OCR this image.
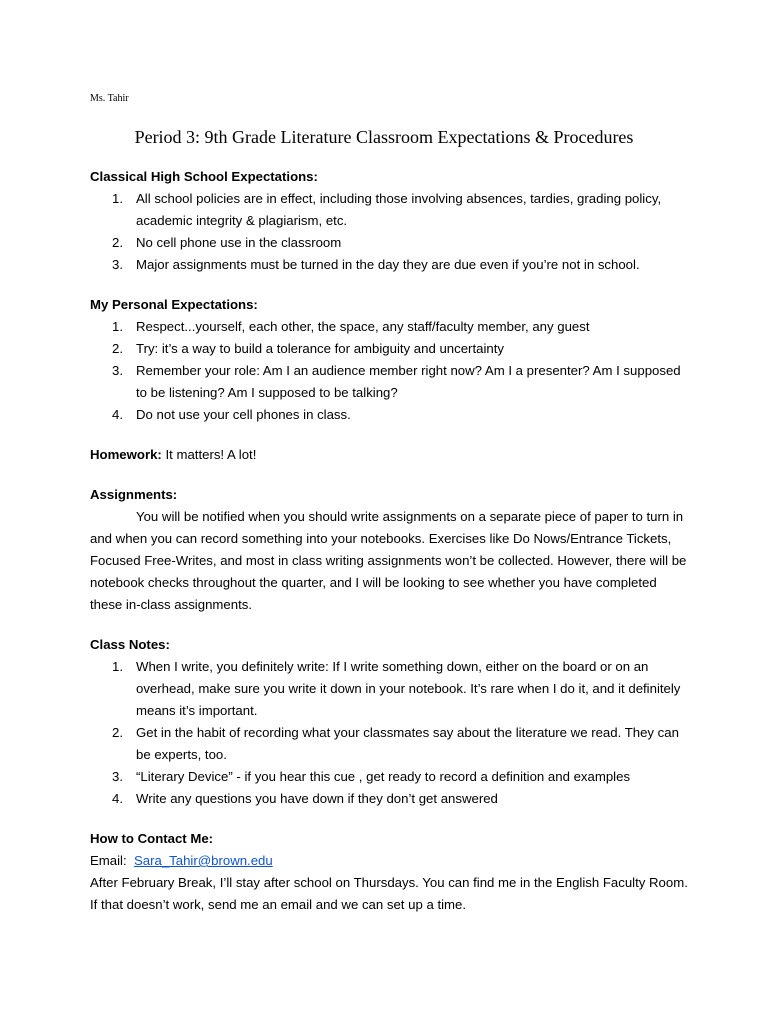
Ms. Tahir
Period 3: 9th Grade Literature Classroom Expectations & Procedures

Classical High School Expectations:

1. All school policies are in effect, including those involving absences, tardies, grading policy, academic integrity & plagiarism, etc.
2. No cell phone use in the classroom
3. Major assignments must be turned in the day they are due even if you’re not in school.

My Personal Expectations:

1. Respect...yourself, each other, the space, any staff/faculty member, any guest
2. Try: it’s a way to build a tolerance for ambiguity and uncertainty
3. Remember your role: Am I an audience member right now? Am I a presenter? Am I supposed to be listening? Am I supposed to be talking?
4. Do not use your cell phones in class.

Homework: It matters! A lot!

Assignments:

You will be notified when you should write assignments on a separate piece of paper to turn in and when you can record something into your notebooks. Exercises like Do Nows/Entrance Tickets, Focused Free-Writes, and most in class writing assignments won’t be collected. However, there will be notebook checks throughout the quarter, and I will be looking to see whether you have completed these in-class assignments.

Class Notes:

1. When I write, you definitely write: If I write something down, either on the board or on an overhead, make sure you write it down in your notebook. It’s rare when I do it, and it definitely means it’s important.
2. Get in the habit of recording what your classmates say about the literature we read. They can be experts, too.
3. “Literary Device” - if you hear this cue , get ready to record a definition and examples
4. Write any questions you have down if they don’t get answered

How to Contact Me:

Email: Sara_Tahir@brown.edu

After February Break, I’ll stay after school on Thursdays. You can find me in the English Faculty Room. If that doesn’t work, send me an email and we can set up a time.
